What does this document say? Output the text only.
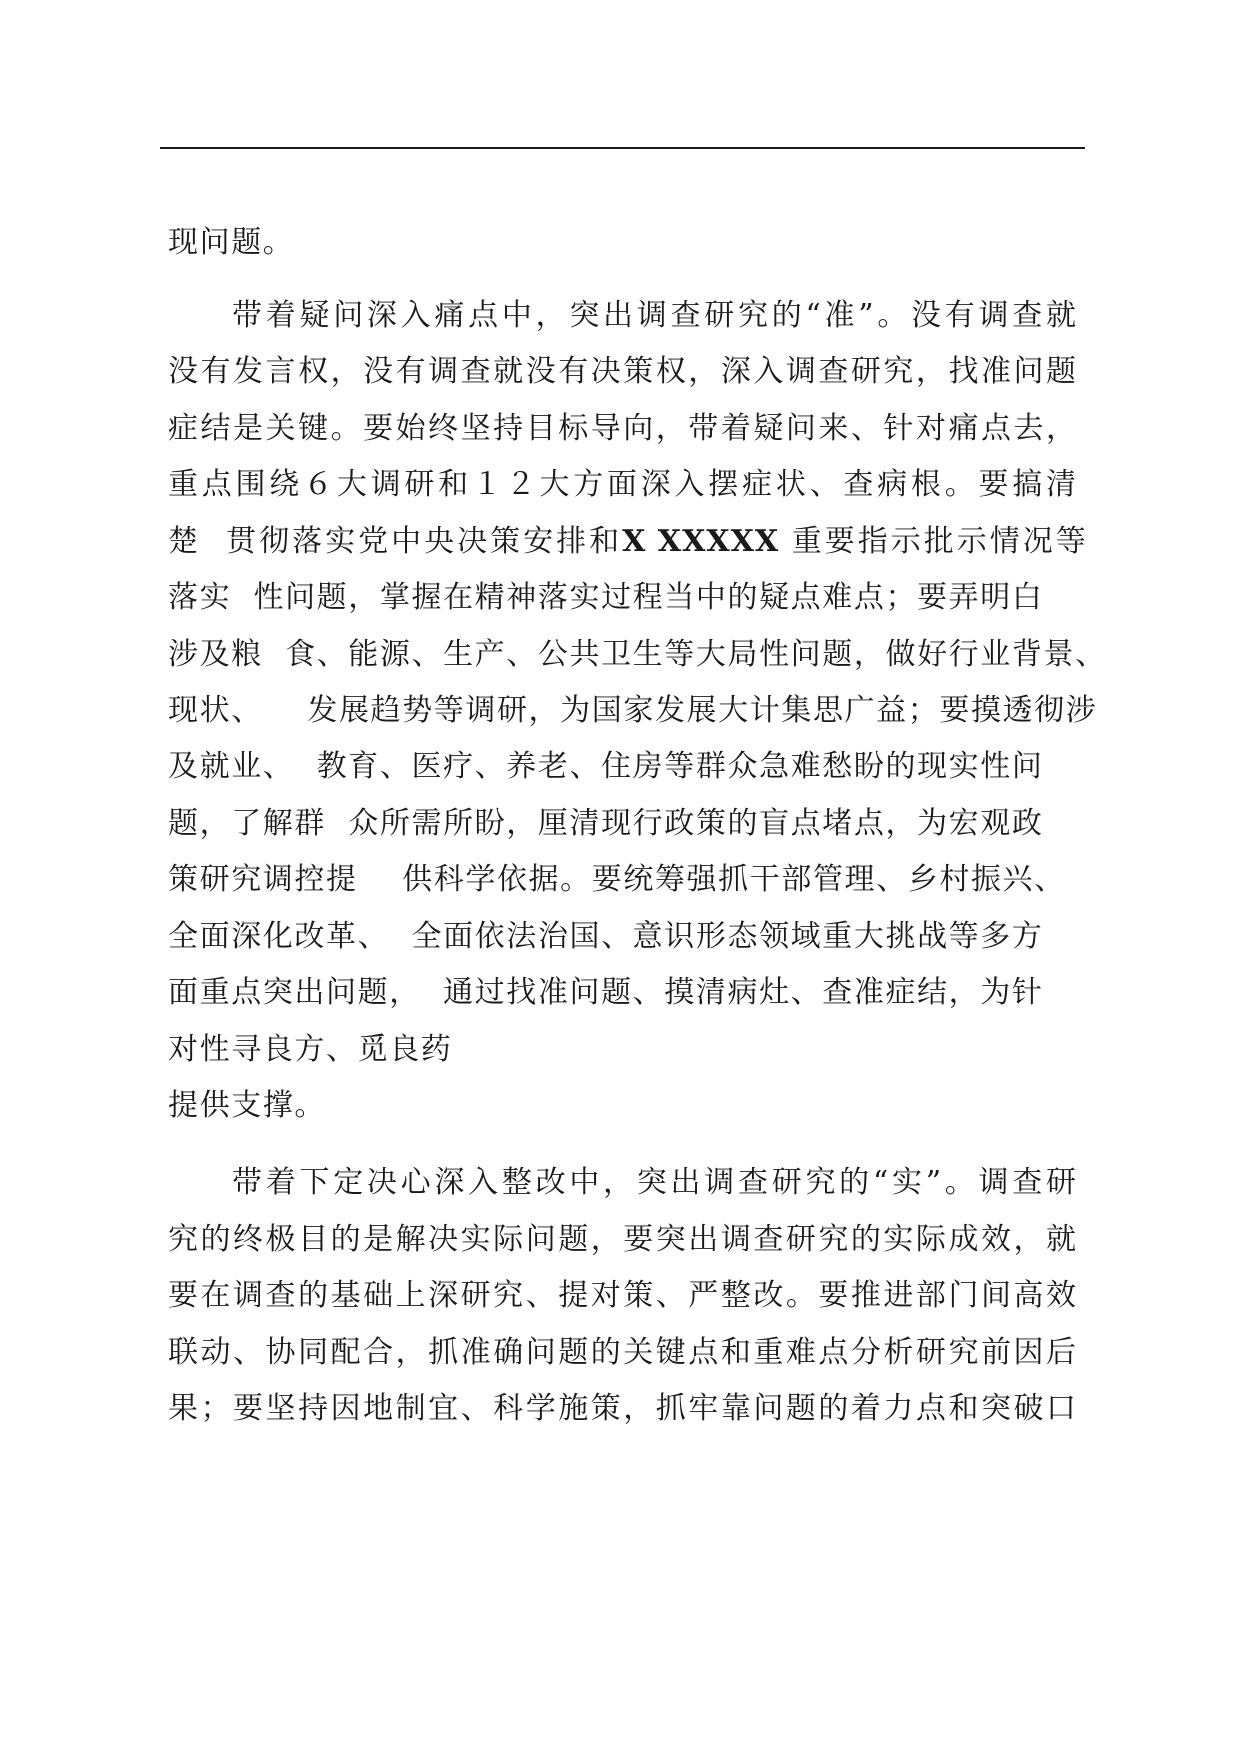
现问题。
带着疑问深入痛点中，突出调查研究的“准”。没有调查就
没有发言权，没有调查就没有决策权，深入调查研究，找准问题
症结是关键。要始终坚持目标导向，带着疑问来、针对痛点去，
重点围绕６大调研和１２大方面深入摆症状、查病根。要搞清
楚  贯彻落实党中央决策安排和X XXXXX 重要指示批示情况等
落实  性问题，掌握在精神落实过程当中的疑点难点；要弄明白
涉及粮  食、能源、生产、公共卫生等大局性问题，做好行业背景、
现状、    发展趋势等调研，为国家发展大计集思广益；要摸透彻涉
及就业、  教育、医疗、养老、住房等群众急难愁盼的现实性问
题，了解群  众所需所盼，厘清现行政策的盲点堵点，为宏观政
策研究调控提    供科学依据。要统筹强抓干部管理、乡村振兴、
全面深化改革、  全面依法治国、意识形态领域重大挑战等多方
面重点突出问题，  通过找准问题、摸清病灶、查准症结，为针
对性寻良方、觅良药
提供支撑。
带着下定决心深入整改中，突出调查研究的“实”。调查研
究的终极目的是解决实际问题，要突出调查研究的实际成效，就
要在调查的基础上深研究、提对策、严整改。要推进部门间高效
联动、协同配合，抓准确问题的关键点和重难点分析研究前因后
果；要坚持因地制宜、科学施策，抓牢靠问题的着力点和突破口
